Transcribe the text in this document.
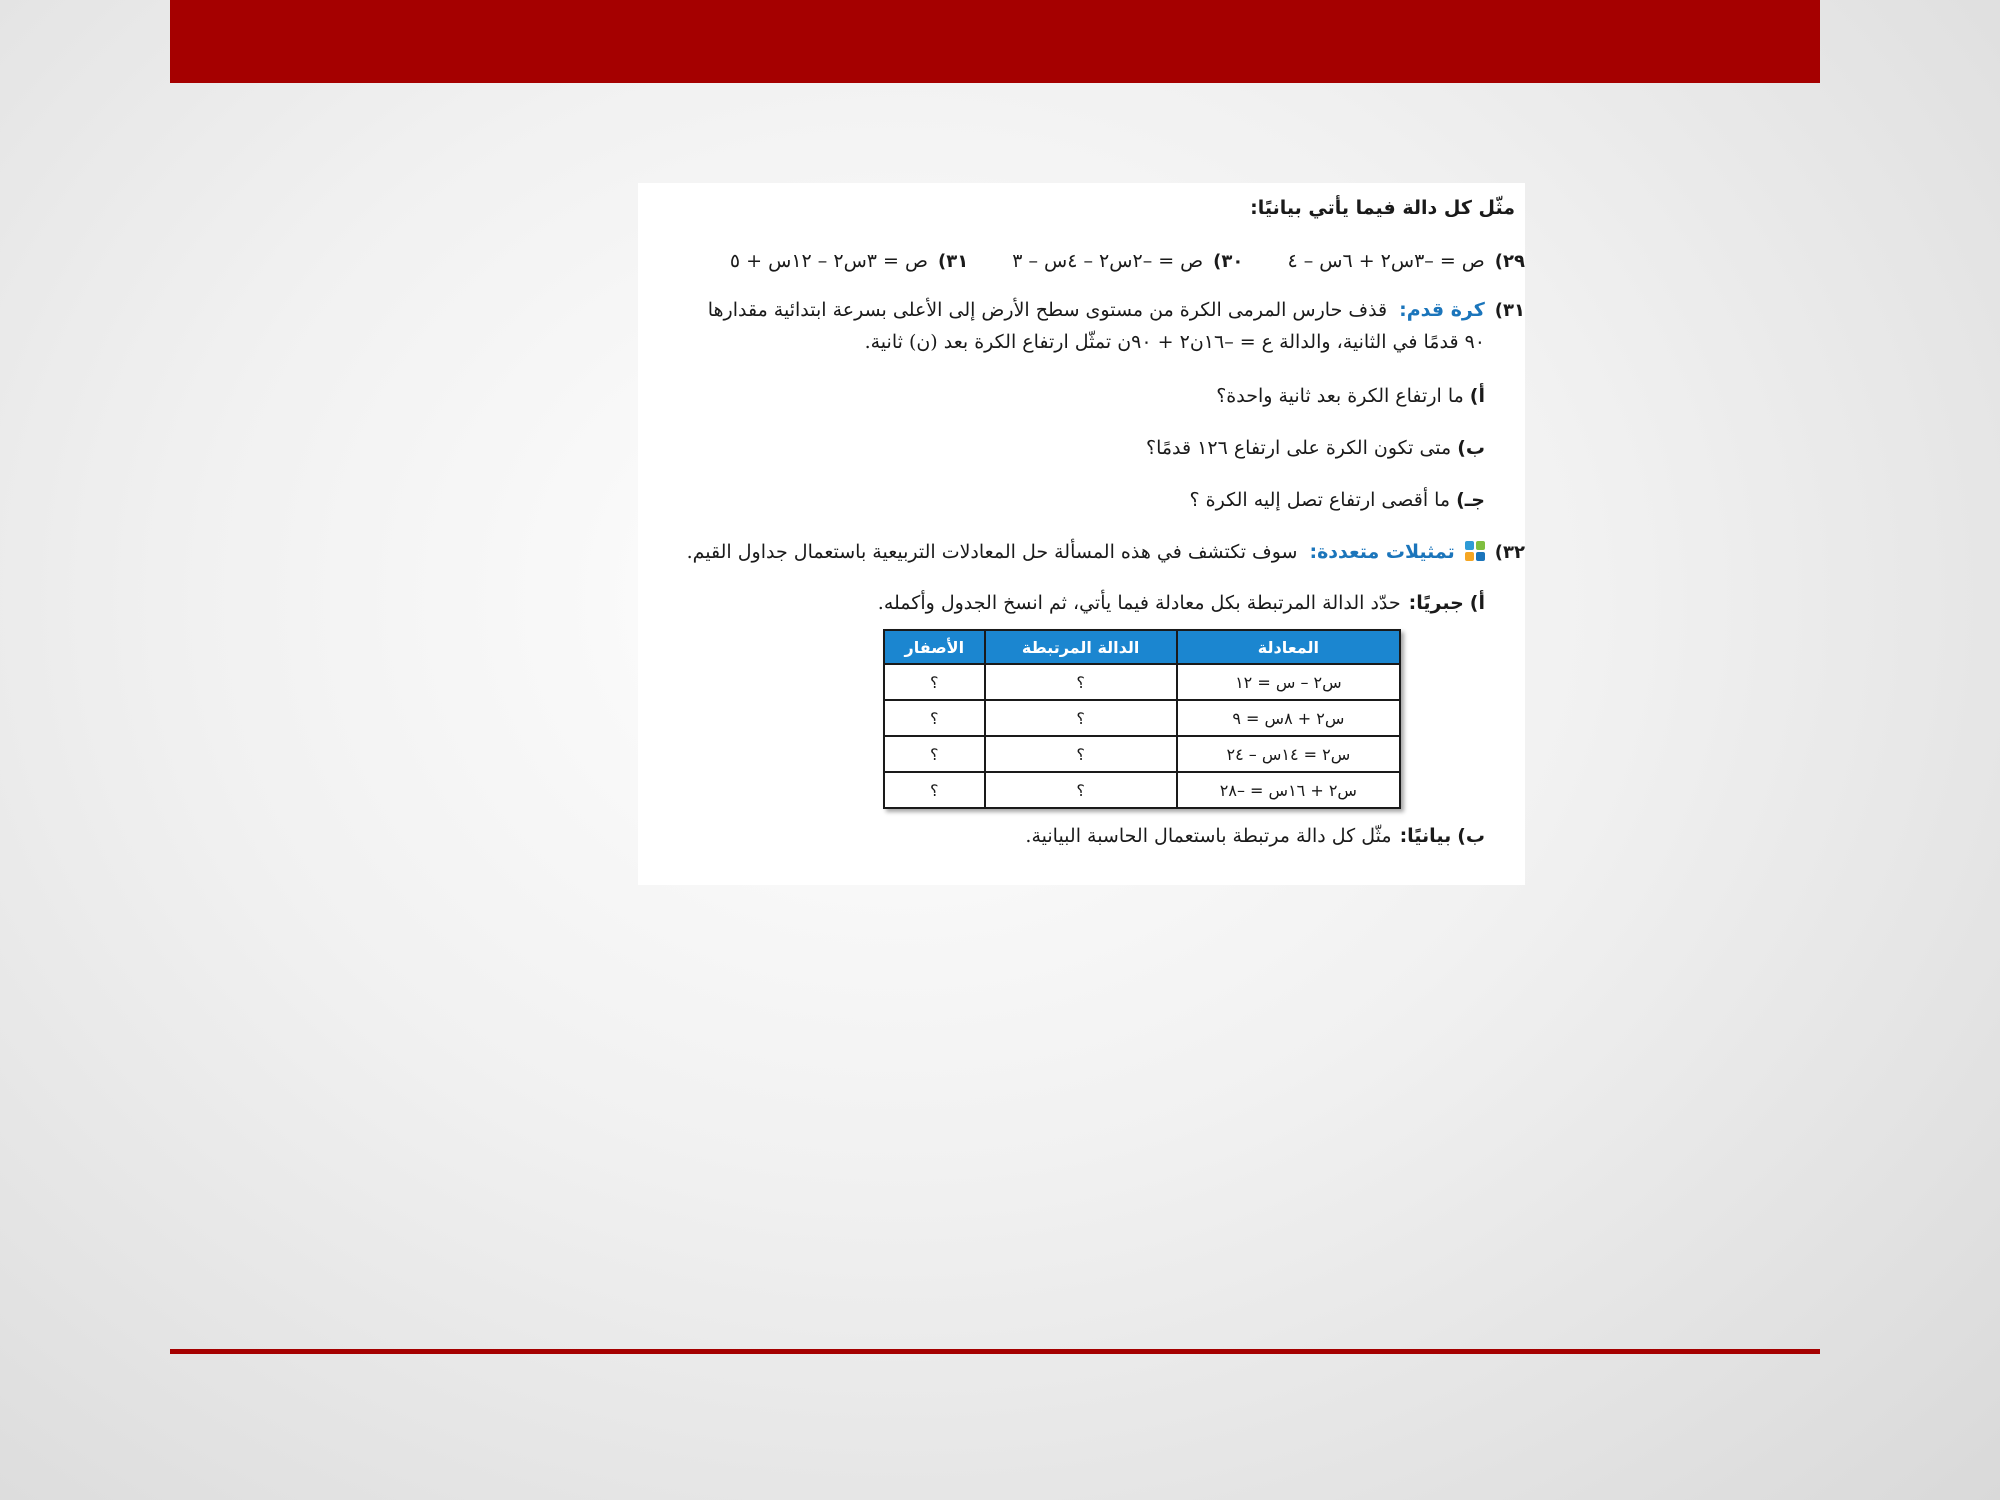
مثّل كل دالة فيما يأتي بيانيًا:
٢٩)ص = –٣س٢ + ٦س – ٤ ٣٠)ص = –٢س٢ – ٤س – ٣ ٣١)ص = ٣س٢ – ١٢س + ٥
٣١)كرة قدم:قذف حارس المرمى الكرة من مستوى سطح الأرض إلى الأعلى بسرعة ابتدائية مقدارها
٩٠ قدمًا في الثانية، والدالة ع = –١٦ن٢ + ٩٠ن تمثّل ارتفاع الكرة بعد (ن) ثانية.
أ)ما ارتفاع الكرة بعد ثانية واحدة؟
ب)متى تكون الكرة على ارتفاع ١٢٦ قدمًا؟
جـ)ما أقصى ارتفاع تصل إليه الكرة ؟
٣٢)
تمثيلات متعددة:سوف تكتشف في هذه المسألة حل المعادلات التربيعية باستعمال جداول القيم.
أ)جبريًا:حدّد الدالة المرتبطة بكل معادلة فيما يأتي، ثم انسخ الجدول وأكمله.
المعادلة	الدالة المرتبطة	الأصفار
س٢ – س = ١٢	؟	؟
س٢ + ٨س = ٩	؟	؟
س٢ = ١٤س – ٢٤	؟	؟
س٢ + ١٦س = –٢٨	؟	؟
ب)بيانيًا:مثّل كل دالة مرتبطة باستعمال الحاسبة البيانية.
